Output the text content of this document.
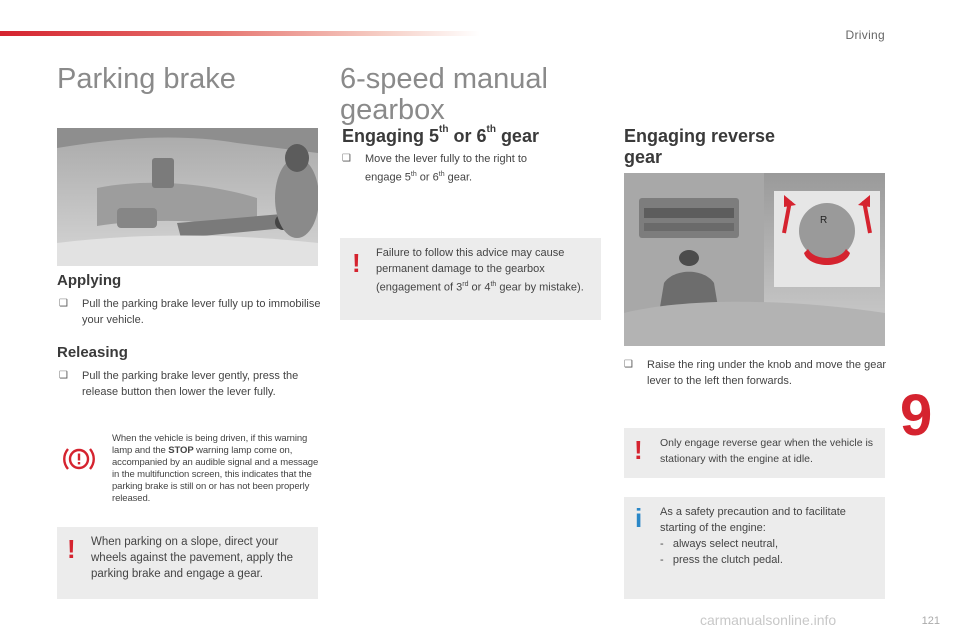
Driving
Parking brake
Applying
❑ Pull the parking brake lever fully up to immobilise your vehicle.
Releasing
❑ Pull the parking brake lever gently, press the release button then lower the lever fully.
When the vehicle is being driven, if this warning lamp and the STOP warning lamp come on, accompanied by an audible signal and a message in the multifunction screen, this indicates that the parking brake is still on or has not been properly released.
! When parking on a slope, direct your wheels against the pavement, apply the parking brake and engage a gear.
6-speed manual
gearbox
Engaging 5th or 6th gear
❑ Move the lever fully to the right to engage 5th or 6th gear.
! Failure to follow this advice may cause permanent damage to the gearbox (engagement of 3rd or 4th gear by mistake).
Engaging reverse
gear
R
❑ Raise the ring under the knob and move the gear lever to the left then forwards.
! Only engage reverse gear when the vehicle is stationary with the engine at idle.
i As a safety precaution and to facilitate starting of the engine:
-   always select neutral,
-   press the clutch pedal.
9
carmanualsonline.info	121
